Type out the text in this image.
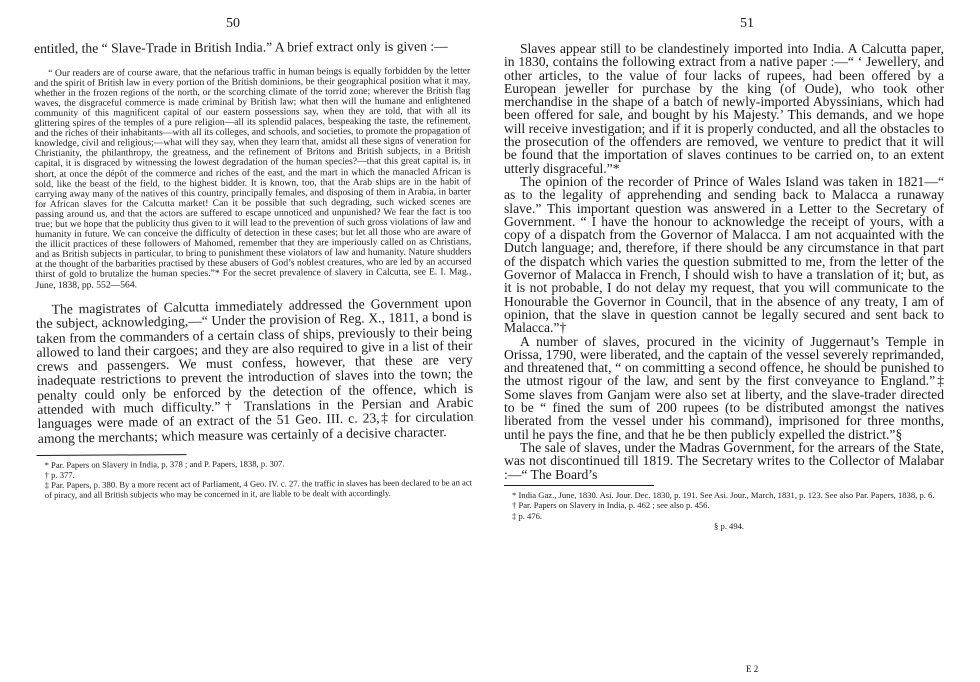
50

entitled, the “ Slave-Trade in British India.” A brief extract only is given :—

“ Our readers are of course aware, that the nefarious traffic in human beings is equally forbidden by the letter and the spirit of British law in every portion of the British dominions, be their geographical position what it may, whether in the frozen regions of the north, or the scorching climate of the torrid zone; wherever the British flag waves, the disgraceful commerce is made criminal by British law; what then will the humane and enlightened community of this magnificent capital of our eastern possessions say, when they are told, that with all its glittering spires of the temples of a pure religion—all its splendid palaces, bespeaking the taste, the refinement, and the riches of their inhabitants—with all its colleges, and schools, and societies, to promote the propagation of knowledge, civil and religious;—what will they say, when they learn that, amidst all these signs of veneration for Christianity, the philanthropy, the greatness, and the refinement of Britons and British subjects, in a British capital, it is disgraced by witnessing the lowest degradation of the human species?—that this great capital is, in short, at once the dépôt of the commerce and riches of the east, and the mart in which the manacled African is sold, like the beast of the field, to the highest bidder. It is known, too, that the Arab ships are in the habit of carrying away many of the natives of this country, principally females, and disposing of them in Arabia, in barter for African slaves for the Calcutta market! Can it be possible that such degrading, such wicked scenes are passing around us, and that the actors are suffered to escape unnoticed and unpunished? We fear the fact is too true; but we hope that the publicity thus given to it will lead to the prevention of such gross violations of law and humanity in future. We can conceive the difficulty of detection in these cases; but let all those who are aware of the illicit practices of these followers of Mahomed, remember that they are imperiously called on as Christians, and as British subjects in particular, to bring to punishment these violators of law and humanity. Nature shudders at the thought of the barbarities practised by these abusers of God’s noblest creatures, who are led by an accursed thirst of gold to brutalize the human species.”* For the secret prevalence of slavery in Calcutta, see E. I. Mag., June, 1838, pp. 552—564.

The magistrates of Calcutta immediately addressed the Government upon the subject, acknowledging,—“ Under the provision of Reg. X., 1811, a bond is taken from the commanders of a certain class of ships, previously to their being allowed to land their cargoes; and they are also required to give in a list of their crews and passengers. We must confess, however, that these are very inadequate restrictions to prevent the introduction of slaves into the town; the penalty could only be enforced by the detection of the offence, which is attended with much difficulty.”† Translations in the Persian and Arabic languages were made of an extract of the 51 Geo. III. c. 23,‡ for circulation among the merchants; which measure was certainly of a decisive character.

* Par. Papers on Slavery in India, p. 378 ; and P. Papers, 1838, p. 307.

† p. 377.

‡ Par. Papers, p. 380. By a more recent act of Parliament, 4 Geo. IV. c. 27. the traffic in slaves has been declared to be an act of piracy, and all British subjects who may be concerned in it, are liable to be dealt with accordingly.

51

Slaves appear still to be clandestinely imported into India. A Calcutta paper, in 1830, contains the following extract from a native paper :—“ ‘ Jewellery, and other articles, to the value of four lacks of rupees, had been offered by a European jeweller for purchase by the king (of Oude), who took other merchandise in the shape of a batch of newly-imported Abyssinians, which had been offered for sale, and bought by his Majesty.’ This demands, and we hope will receive investigation; and if it is properly conducted, and all the obstacles to the prosecution of the offenders are removed, we venture to predict that it will be found that the importation of slaves continues to be carried on, to an extent utterly disgraceful.”*

The opinion of the recorder of Prince of Wales Island was taken in 1821—“ as to the legality of apprehending and sending back to Malacca a runaway slave.” This important question was answered in a Letter to the Secretary of Government. “ I have the honour to acknowledge the receipt of yours, with a copy of a dispatch from the Governor of Malacca. I am not acquainted with the Dutch language; and, therefore, if there should be any circumstance in that part of the dispatch which varies the question submitted to me, from the letter of the Governor of Malacca in French, I should wish to have a translation of it; but, as it is not probable, I do not delay my request, that you will communicate to the Honourable the Governor in Council, that in the absence of any treaty, I am of opinion, that the slave in question cannot be legally secured and sent back to Malacca.”†

A number of slaves, procured in the vicinity of Juggernaut’s Temple in Orissa, 1790, were liberated, and the captain of the vessel severely reprimanded, and threatened that, “ on committing a second offence, he should be punished to the utmost rigour of the law, and sent by the first conveyance to England.”‡ Some slaves from Ganjam were also set at liberty, and the slave-trader directed to be “ fined the sum of 200 rupees (to be distributed amongst the natives liberated from the vessel under his command), imprisoned for three months, until he pays the fine, and that he be then publicly expelled the district.”§

The sale of slaves, under the Madras Government, for the arrears of the State, was not discontinued till 1819. The Secretary writes to the Collector of Malabar :—“ The Board’s

* India Gaz., June, 1830. Asi. Jour. Dec. 1830, p. 191. See Asi. Jour., March, 1831, p. 123. See also Par. Papers, 1838, p. 6.

† Par. Papers on Slavery in India, p. 462 ; see also p. 456.

‡ p. 476.

§ p. 494.

E 2
